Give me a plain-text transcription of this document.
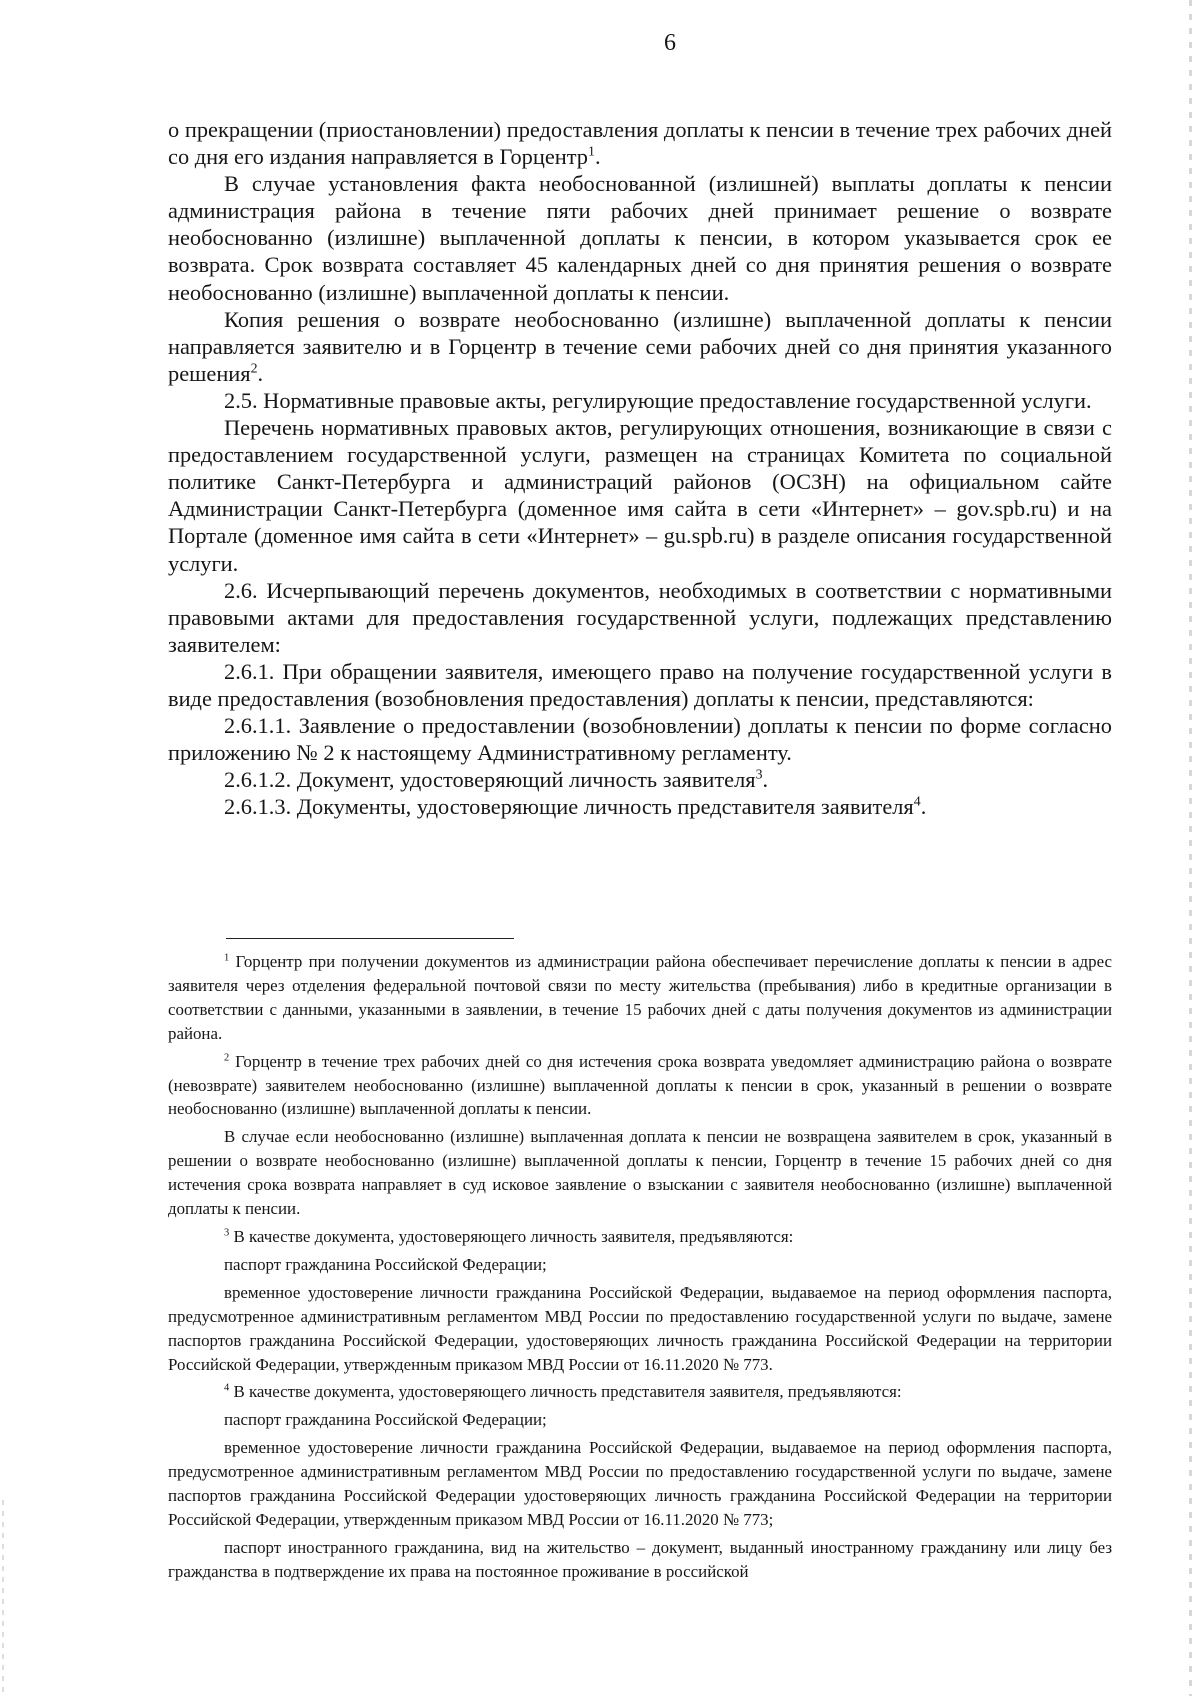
6

о прекращении (приостановлении) предоставления доплаты к пенсии в течение трех рабочих дней со дня его издания направляется в Горцентр$^1$.

В случае установления факта необоснованной (излишней) выплаты доплаты к пенсии администрация района в течение пяти рабочих дней принимает решение о возврате необоснованно (излишне) выплаченной доплаты к пенсии, в котором указывается срок ее возврата. Срок возврата составляет 45 календарных дней со дня принятия решения о возврате необоснованно (излишне) выплаченной доплаты к пенсии.

Копия решения о возврате необоснованно (излишне) выплаченной доплаты к пенсии направляется заявителю и в Горцентр в течение семи рабочих дней со дня принятия указанного решения$^2$.

2.5. Нормативные правовые акты, регулирующие предоставление государственной услуги.

Перечень нормативных правовых актов, регулирующих отношения, возникающие в связи с предоставлением государственной услуги, размещен на страницах Комитета по социальной политике Санкт-Петербурга и администраций районов (ОСЗН) на официальном сайте Администрации Санкт-Петербурга (доменное имя сайта в сети «Интернет» – gov.spb.ru) и на Портале (доменное имя сайта в сети «Интернет» – gu.spb.ru) в разделе описания государственной услуги.

2.6. Исчерпывающий перечень документов, необходимых в соответствии с нормативными правовыми актами для предоставления государственной услуги, подлежащих представлению заявителем:

2.6.1. При обращении заявителя, имеющего право на получение государственной услуги в виде предоставления (возобновления предоставления) доплаты к пенсии, представляются:

2.6.1.1. Заявление о предоставлении (возобновлении) доплаты к пенсии по форме согласно приложению № 2 к настоящему Административному регламенту.

2.6.1.2. Документ, удостоверяющий личность заявителя$^3$.

2.6.1.3. Документы, удостоверяющие личность представителя заявителя$^4$.

$^1$ Горцентр при получении документов из администрации района обеспечивает перечисление доплаты к пенсии в адрес заявителя через отделения федеральной почтовой связи по месту жительства (пребывания) либо в кредитные организации в соответствии с данными, указанными в заявлении, в течение 15 рабочих дней с даты получения документов из администрации района.

$^2$ Горцентр в течение трех рабочих дней со дня истечения срока возврата уведомляет администрацию района о возврате (невозврате) заявителем необоснованно (излишне) выплаченной доплаты к пенсии в срок, указанный в решении о возврате необоснованно (излишне) выплаченной доплаты к пенсии.

В случае если необоснованно (излишне) выплаченная доплата к пенсии не возвращена заявителем в срок, указанный в решении о возврате необоснованно (излишне) выплаченной доплаты к пенсии, Горцентр в течение 15 рабочих дней со дня истечения срока возврата направляет в суд исковое заявление о взыскании с заявителя необоснованно (излишне) выплаченной доплаты к пенсии.

$^3$ В качестве документа, удостоверяющего личность заявителя, предъявляются:

паспорт гражданина Российской Федерации;

временное удостоверение личности гражданина Российской Федерации, выдаваемое на период оформления паспорта, предусмотренное административным регламентом МВД России по предоставлению государственной услуги по выдаче, замене паспортов гражданина Российской Федерации, удостоверяющих личность гражданина Российской Федерации на территории Российской Федерации, утвержденным приказом МВД России от 16.11.2020 № 773.

$^4$ В качестве документа, удостоверяющего личность представителя заявителя, предъявляются:

паспорт гражданина Российской Федерации;

временное удостоверение личности гражданина Российской Федерации, выдаваемое на период оформления паспорта, предусмотренное административным регламентом МВД России по предоставлению государственной услуги по выдаче, замене паспортов гражданина Российской Федерации удостоверяющих личность гражданина Российской Федерации на территории Российской Федерации, утвержденным приказом МВД России от 16.11.2020 № 773;

паспорт иностранного гражданина, вид на жительство – документ, выданный иностранному гражданину или лицу без гражданства в подтверждение их права на постоянное проживание в российской
